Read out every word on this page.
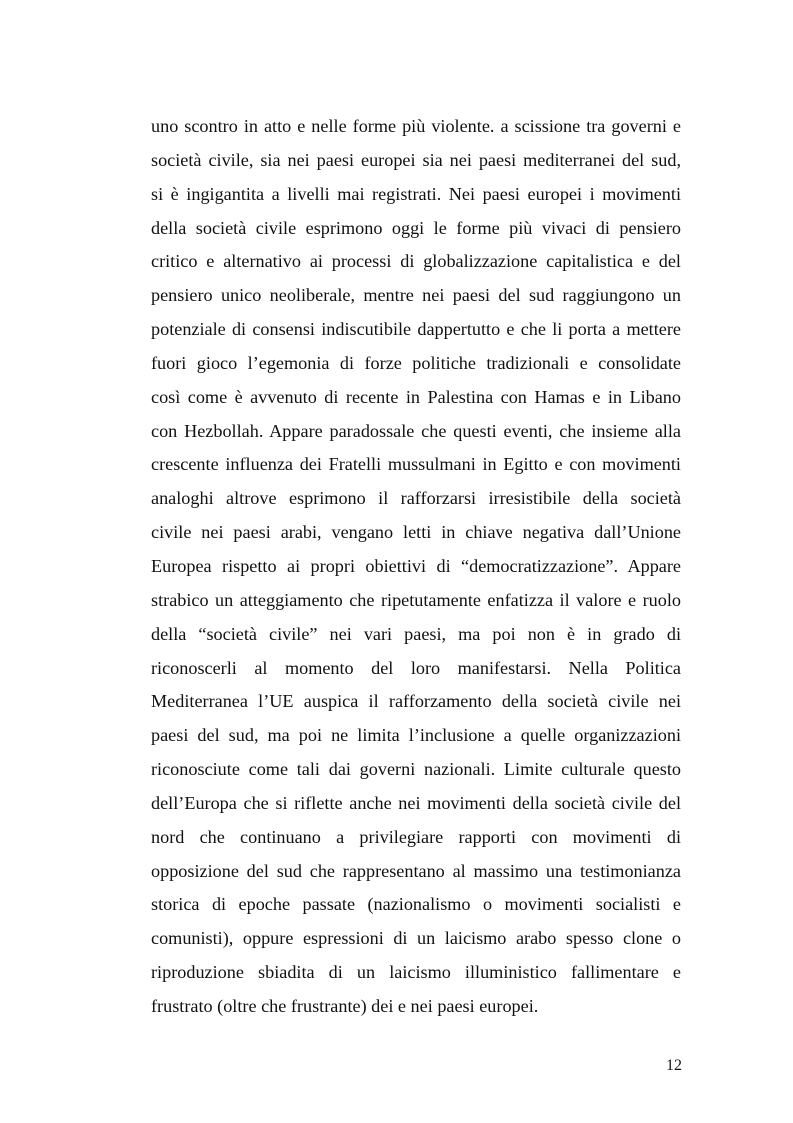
uno scontro in atto e nelle forme più violente. a scissione tra governi e
società civile, sia nei paesi europei sia nei paesi mediterranei del sud,
si è ingigantita a livelli mai registrati. Nei paesi europei i movimenti
della società civile esprimono oggi le forme più vivaci di pensiero
critico e alternativo ai processi di globalizzazione capitalistica e del
pensiero unico neoliberale, mentre nei paesi del sud raggiungono un
potenziale di consensi indiscutibile dappertutto e che li porta a mettere
fuori gioco l’egemonia di forze politiche tradizionali e consolidate
così come è avvenuto di recente in Palestina con Hamas e in Libano
con Hezbollah. Appare paradossale che questi eventi, che insieme alla
crescente influenza dei Fratelli mussulmani in Egitto e con movimenti
analoghi altrove esprimono il rafforzarsi irresistibile della società
civile nei paesi arabi, vengano letti in chiave negativa dall’Unione
Europea rispetto ai propri obiettivi di “democratizzazione”. Appare
strabico un atteggiamento che ripetutamente enfatizza il valore e ruolo
della “società civile” nei vari paesi, ma poi non è in grado di
riconoscerli al momento del loro manifestarsi. Nella Politica
Mediterranea l’UE auspica il rafforzamento della società civile nei
paesi del sud, ma poi ne limita l’inclusione a quelle organizzazioni
riconosciute come tali dai governi nazionali. Limite culturale questo
dell’Europa che si riflette anche nei movimenti della società civile del
nord che continuano a privilegiare rapporti con movimenti di
opposizione del sud che rappresentano al massimo una testimonianza
storica di epoche passate (nazionalismo o movimenti socialisti e
comunisti), oppure espressioni di un laicismo arabo spesso clone o
riproduzione sbiadita di un laicismo illuministico fallimentare e
frustrato (oltre che frustrante) dei e nei paesi europei.
12
